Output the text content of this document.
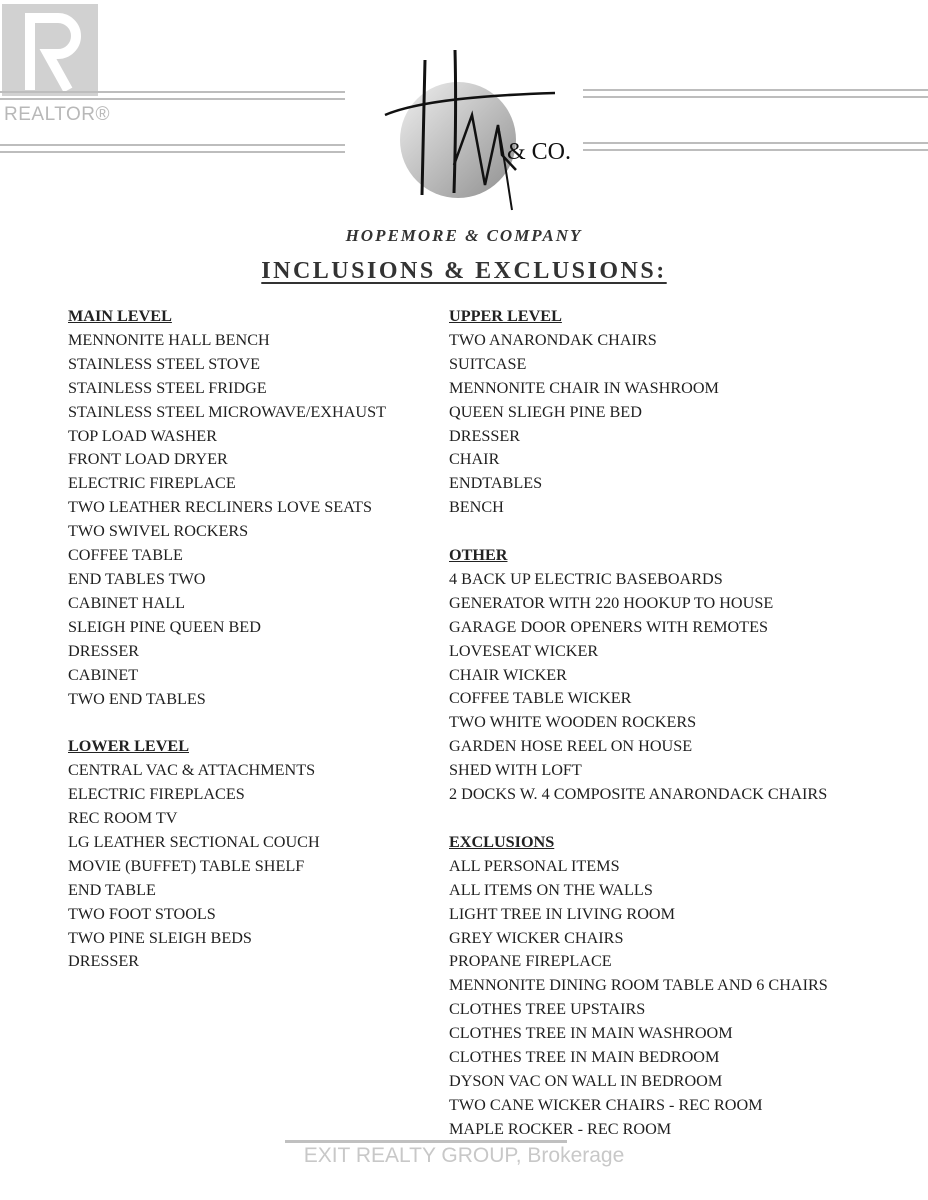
REALTOR®
& CO.
HOPEMORE & COMPANY
INCLUSIONS & EXCLUSIONS:
MAIN LEVEL
MENNONITE HALL BENCH
STAINLESS STEEL STOVE
STAINLESS STEEL FRIDGE
STAINLESS STEEL MICROWAVE/EXHAUST
TOP LOAD WASHER
FRONT LOAD DRYER
ELECTRIC FIREPLACE
TWO LEATHER RECLINERS LOVE SEATS
TWO SWIVEL ROCKERS
COFFEE TABLE
END TABLES TWO
CABINET HALL
SLEIGH PINE QUEEN BED
DRESSER
CABINET
TWO END TABLES
LOWER LEVEL
CENTRAL VAC & ATTACHMENTS
ELECTRIC FIREPLACES
REC ROOM TV
LG LEATHER SECTIONAL COUCH
MOVIE (BUFFET) TABLE SHELF
END TABLE
TWO FOOT STOOLS
TWO PINE SLEIGH BEDS
DRESSER
UPPER LEVEL
TWO ANARONDAK CHAIRS
SUITCASE
MENNONITE CHAIR IN WASHROOM
QUEEN SLIEGH PINE BED
DRESSER
CHAIR
ENDTABLES
BENCH
OTHER
4 BACK UP ELECTRIC BASEBOARDS
GENERATOR WITH 220 HOOKUP TO HOUSE
GARAGE DOOR OPENERS WITH REMOTES
LOVESEAT WICKER
CHAIR WICKER
COFFEE TABLE WICKER
TWO WHITE WOODEN ROCKERS
GARDEN HOSE REEL ON HOUSE
SHED WITH LOFT
2 DOCKS W. 4 COMPOSITE ANARONDACK CHAIRS
EXCLUSIONS
ALL PERSONAL ITEMS
ALL ITEMS ON THE WALLS
LIGHT TREE IN LIVING ROOM
GREY WICKER CHAIRS
PROPANE FIREPLACE
MENNONITE DINING ROOM TABLE AND 6 CHAIRS
CLOTHES TREE UPSTAIRS
CLOTHES TREE IN MAIN WASHROOM
CLOTHES TREE IN MAIN BEDROOM
DYSON VAC ON WALL IN BEDROOM
TWO CANE WICKER CHAIRS - REC ROOM
MAPLE ROCKER - REC ROOM
EXIT REALTY GROUP, Brokerage
